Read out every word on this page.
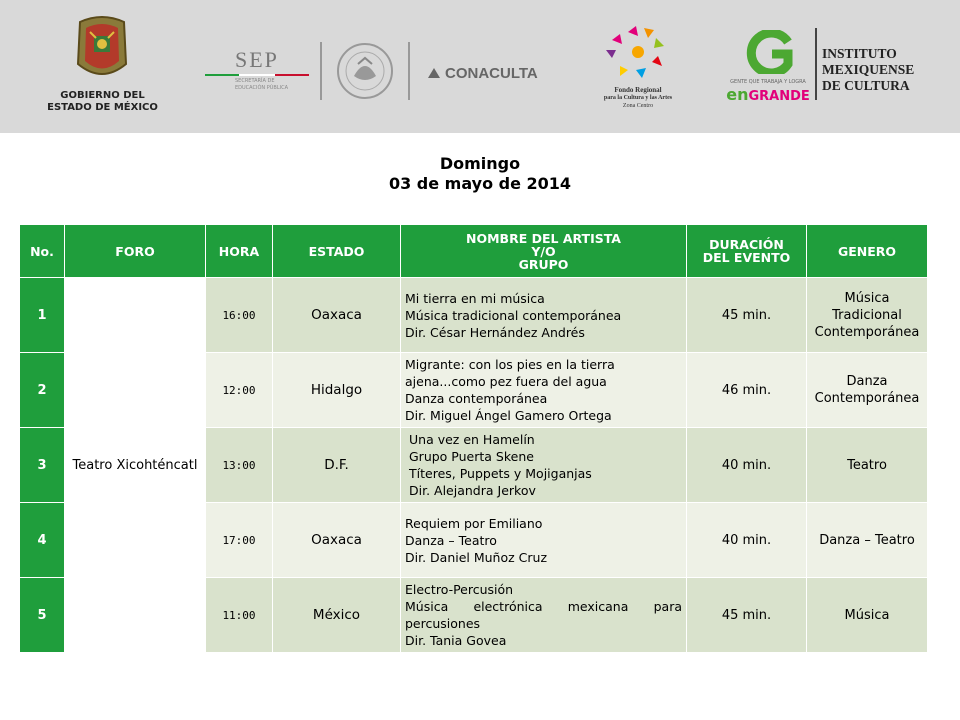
GOBIERNO DEL
ESTADO DE MÉXICO
SEP
SECRETARÍA DE
EDUCACIÓN PÚBLICA
CONACULTA
Fondo Regional
para la Cultura y las Artes
Zona Centro
GENTE QUE TRABAJA Y LOGRA
enGRANDE
INSTITUTO
MEXIQUENSE
DE CULTURA
Domingo
03 de mayo de 2014
No.	FORO	HORA	ESTADO	NOMBRE DEL ARTISTA
Y/O
GRUPO	DURACIÓN
DEL EVENTO	GENERO
1	Teatro Xicohténcatl	16:00	Oaxaca	Mi tierra en mi música
Música tradicional contemporánea
Dir. César Hernández Andrés	45 min.	Música
Tradicional
Contemporánea

2		12:00	Hidalgo	Migrante: con los pies en la tierra
ajena...como pez fuera del agua
Danza contemporánea
Dir. Miguel Ángel Gamero Ortega	46 min.	Danza
Contemporánea

3		13:00	D.F.	Una vez en Hamelín
Grupo Puerta Skene
Títeres, Puppets y Mojiganjas
Dir. Alejandra Jerkov	40 min.	Teatro

4		17:00	Oaxaca	Requiem por Emiliano
Danza – Teatro
Dir. Daniel Muñoz Cruz	40 min.	Danza – Teatro

5		11:00	México	Electro-Percusión
Música electrónica mexicana para percusiones
Dir. Tania Govea	45 min.	Música
